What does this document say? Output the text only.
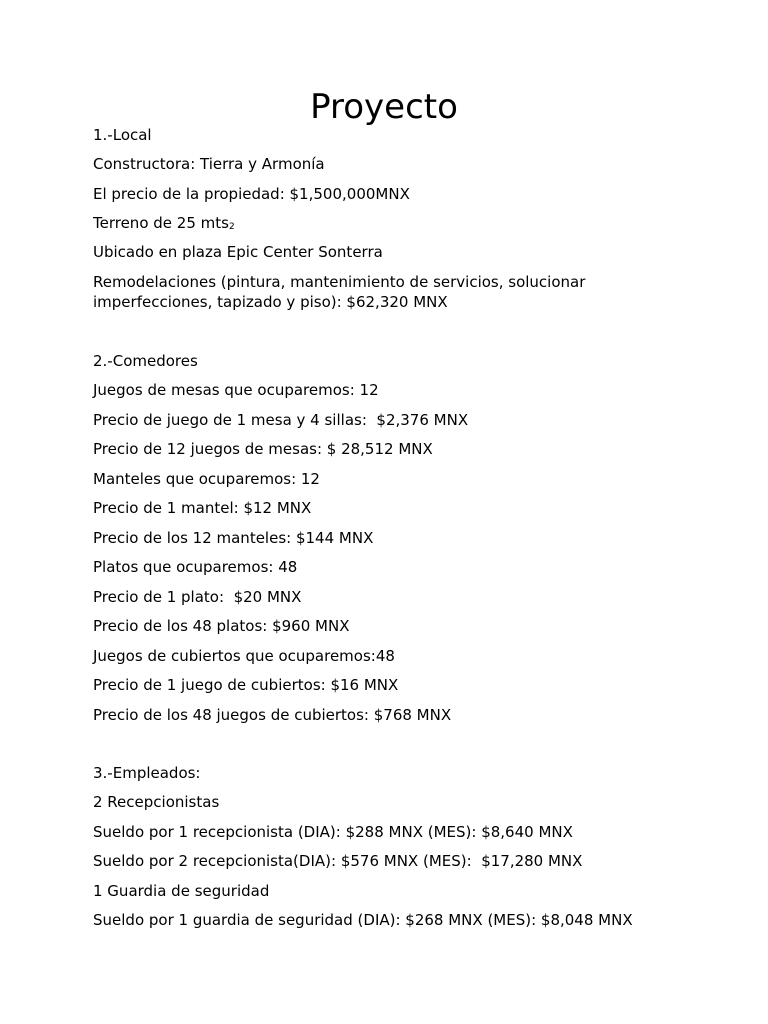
Proyecto

1.-Local

Constructora: Tierra y Armonía

El precio de la propiedad: $1,500,000MNX

Terreno de 25 mts$_2$

Ubicado en plaza Epic Center Sonterra

Remodelaciones (pintura, mantenimiento de servicios, solucionar imperfecciones, tapizado y piso): $62,320 MNX

2.-Comedores

Juegos de mesas que ocuparemos: 12

Precio de juego de 1 mesa y 4 sillas:  $2,376 MNX

Precio de 12 juegos de mesas: $ 28,512 MNX

Manteles que ocuparemos: 12

Precio de 1 mantel: $12 MNX

Precio de los 12 manteles: $144 MNX

Platos que ocuparemos: 48

Precio de 1 plato:  $20 MNX

Precio de los 48 platos: $960 MNX

Juegos de cubiertos que ocuparemos:48

Precio de 1 juego de cubiertos: $16 MNX

Precio de los 48 juegos de cubiertos: $768 MNX

3.-Empleados:

2 Recepcionistas

Sueldo por 1 recepcionista (DIA): $288 MNX (MES): $8,640 MNX

Sueldo por 2 recepcionista(DIA): $576 MNX (MES):  $17,280 MNX

1 Guardia de seguridad

Sueldo por 1 guardia de seguridad (DIA): $268 MNX (MES): $8,048 MNX
